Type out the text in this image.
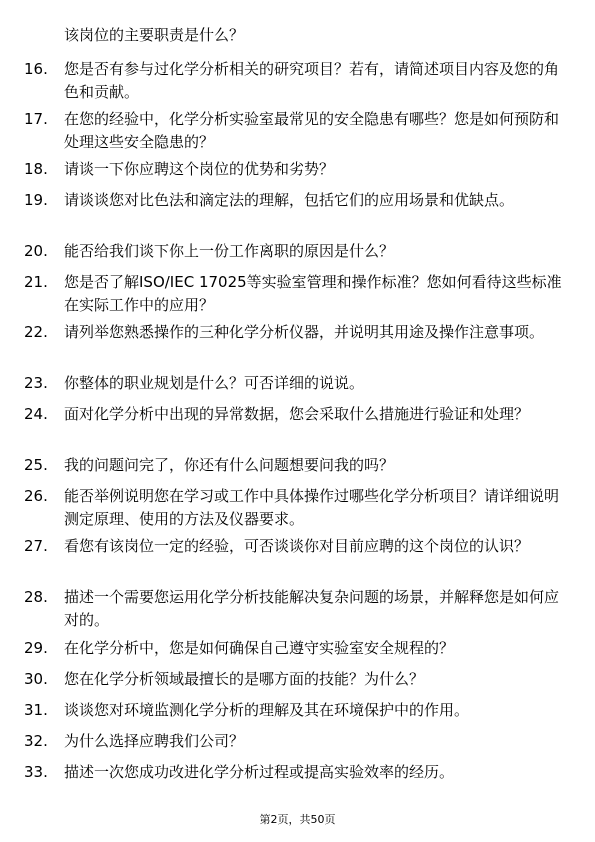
该岗位的主要职责是什么？
16.	您是否有参与过化学分析相关的研究项目？若有，请简述项目内容及您的角色和贡献。
17.	在您的经验中，化学分析实验室最常见的安全隐患有哪些？您是如何预防和处理这些安全隐患的？
18.	请谈一下你应聘这个岗位的优势和劣势？
19.	请谈谈您对比色法和滴定法的理解，包括它们的应用场景和优缺点。
20.	能否给我们谈下你上一份工作离职的原因是什么？
21.	您是否了解ISO/IEC 17025等实验室管理和操作标准？您如何看待这些标准在实际工作中的应用？
22.	请列举您熟悉操作的三种化学分析仪器，并说明其用途及操作注意事项。
23.	你整体的职业规划是什么？可否详细的说说。
24.	面对化学分析中出现的异常数据，您会采取什么措施进行验证和处理？
25.	我的问题问完了，你还有什么问题想要问我的吗？
26.	能否举例说明您在学习或工作中具体操作过哪些化学分析项目？请详细说明测定原理、使用的方法及仪器要求。
27.	看您有该岗位一定的经验，可否谈谈你对目前应聘的这个岗位的认识？
28.	描述一个需要您运用化学分析技能解决复杂问题的场景，并解释您是如何应对的。
29.	在化学分析中，您是如何确保自己遵守实验室安全规程的？
30.	您在化学分析领域最擅长的是哪方面的技能？为什么？
31.	谈谈您对环境监测化学分析的理解及其在环境保护中的作用。
32.	为什么选择应聘我们公司？
33.	描述一次您成功改进化学分析过程或提高实验效率的经历。
第2页，共50页
